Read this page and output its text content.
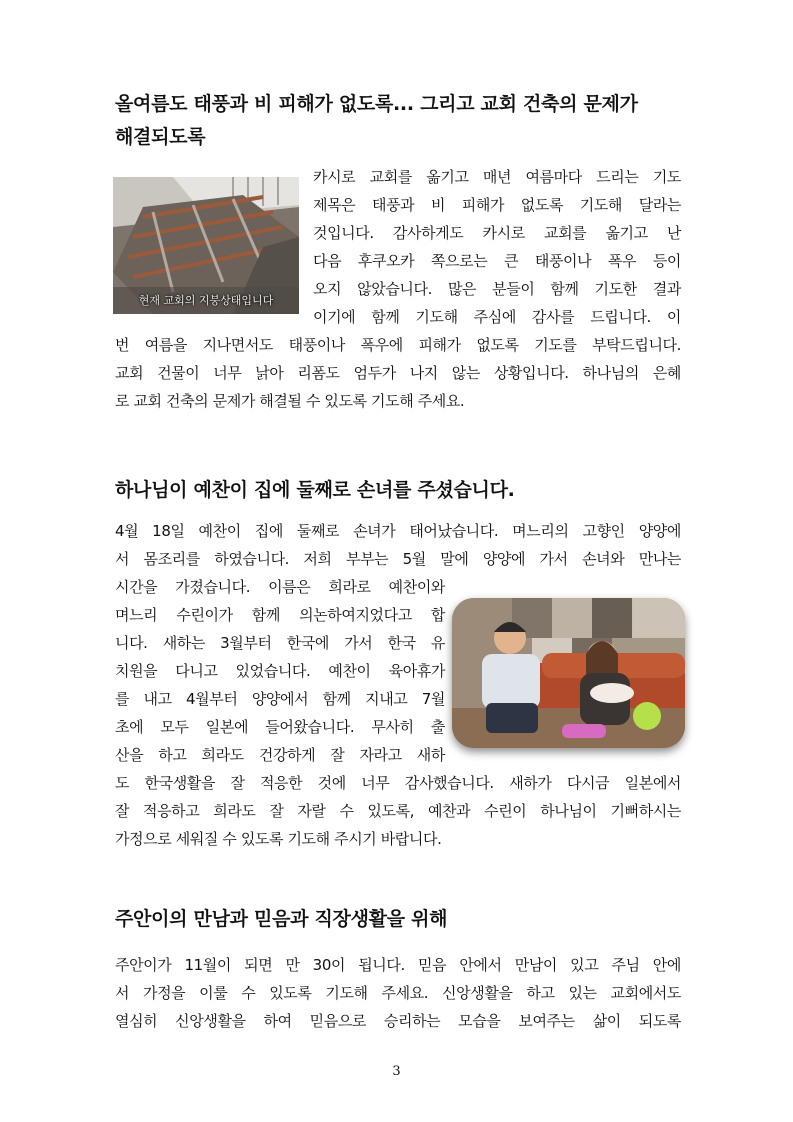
올여름도 태풍과 비 피해가 없도록... 그리고 교회 건축의 문제가
해결되도록
현재 교회의 지붕상태입니다
카시로 교회를 옮기고 매년 여름마다 드리는 기도
제목은 태풍과 비 피해가 없도록 기도해 달라는
것입니다. 감사하게도 카시로 교회를 옮기고 난
다음 후쿠오카 쪽으로는 큰 태풍이나 폭우 등이
오지 않았습니다. 많은 분들이 함께 기도한 결과
이기에 함께 기도해 주심에 감사를 드립니다. 이
번 여름을 지나면서도 태풍이나 폭우에 피해가 없도록 기도를 부탁드립니다.
교회 건물이 너무 낡아 리폼도 엄두가 나지 않는 상황입니다. 하나님의 은혜
로 교회 건축의 문제가 해결될 수 있도록 기도해 주세요.
하나님이 예찬이 집에 둘째로 손녀를 주셨습니다.
4월 18일 예찬이 집에 둘째로 손녀가 태어났습니다. 며느리의 고향인 양양에
서 몸조리를 하였습니다. 저희 부부는 5월 말에 양양에 가서 손녀와 만나는
시간을 가졌습니다. 이름은 희라로 예찬이와
며느리 수린이가 함께 의논하여지었다고 합
니다. 새하는 3월부터 한국에 가서 한국 유
치원을 다니고 있었습니다. 예찬이 육아휴가
를 내고 4월부터 양양에서 함께 지내고 7월
초에 모두 일본에 들어왔습니다. 무사히 출
산을 하고 희라도 건강하게 잘 자라고 새하
도 한국생활을 잘 적응한 것에 너무 감사했습니다. 새하가 다시금 일본에서
잘 적응하고 희라도 잘 자랄 수 있도록, 예찬과 수린이 하나님이 기뻐하시는
가정으로 세워질 수 있도록 기도해 주시기 바랍니다.
주안이의 만남과 믿음과 직장생활을 위해
주안이가 11월이 되면 만 30이 됩니다. 믿음 안에서 만남이 있고 주님 안에
서 가정을 이룰 수 있도록 기도해 주세요. 신앙생활을 하고 있는 교회에서도
열심히 신앙생활을 하여 믿음으로 승리하는 모습을 보여주는 삶이 되도록
3
